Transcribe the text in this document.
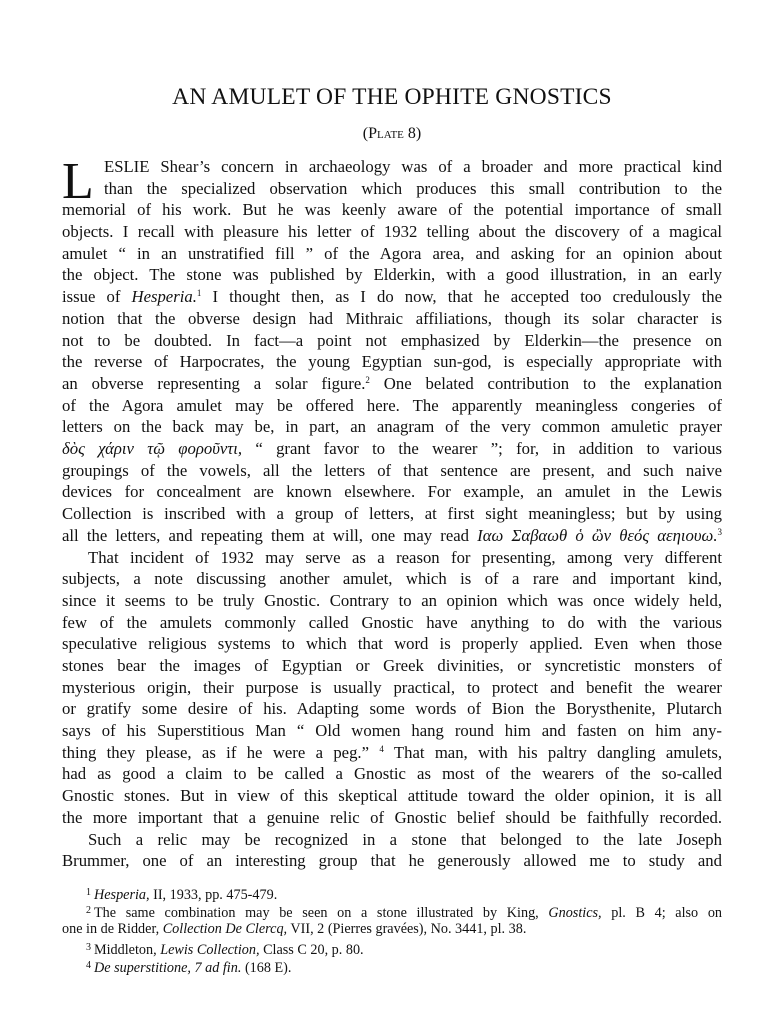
AN AMULET OF THE OPHITE GNOSTICS
(Plate 8)
L ESLIE Shear’s concern in archaeology was of a broader and more practical kind
than the specialized observation which produces this small contribution to the
memorial of his work. But he was keenly aware of the potential importance of small
objects. I recall with pleasure his letter of 1932 telling about the discovery of a magical
amulet “ in an unstratified fill ” of the Agora area, and asking for an opinion about
the object. The stone was published by Elderkin, with a good illustration, in an early
issue of Hesperia.$^1$ I thought then, as I do now, that he accepted too credulously the
notion that the obverse design had Mithraic affiliations, though its solar character is
not to be doubted. In fact—a point not emphasized by Elderkin—the presence on
the reverse of Harpocrates, the young Egyptian sun-god, is especially appropriate with
an obverse representing a solar figure.$^2$ One belated contribution to the explanation
of the Agora amulet may be offered here. The apparently meaningless congeries of
letters on the back may be, in part, an anagram of the very common amuletic prayer
δὸς χάριν τῷ φοροῦντι, “ grant favor to the wearer ”; for, in addition to various
groupings of the vowels, all the letters of that sentence are present, and such naive
devices for concealment are known elsewhere. For example, an amulet in the Lewis
Collection is inscribed with a group of letters, at first sight meaningless; but by using
all the letters, and repeating them at will, one may read Ιαω Σαβαωθ ὁ ὢν θεός αεηιουω.$^3$
That incident of 1932 may serve as a reason for presenting, among very different
subjects, a note discussing another amulet, which is of a rare and important kind,
since it seems to be truly Gnostic. Contrary to an opinion which was once widely held,
few of the amulets commonly called Gnostic have anything to do with the various
speculative religious systems to which that word is properly applied. Even when those
stones bear the images of Egyptian or Greek divinities, or syncretistic monsters of
mysterious origin, their purpose is usually practical, to protect and benefit the wearer
or gratify some desire of his. Adapting some words of Bion the Borysthenite, Plutarch
says of his Superstitious Man “ Old women hang round him and fasten on him any-
thing they please, as if he were a peg.” $^4$ That man, with his paltry dangling amulets,
had as good a claim to be called a Gnostic as most of the wearers of the so-called
Gnostic stones. But in view of this skeptical attitude toward the older opinion, it is all
the more important that a genuine relic of Gnostic belief should be faithfully recorded.
Such a relic may be recognized in a stone that belonged to the late Joseph
Brummer, one of an interesting group that he generously allowed me to study and
$^1$ Hesperia, II, 1933, pp. 475-479.
$^2$ The same combination may be seen on a stone illustrated by King, Gnostics, pl. B 4; also on
one in de Ridder, Collection De Clercq, VII, 2 (Pierres gravées), No. 3441, pl. 38.
$^3$ Middleton, Lewis Collection, Class C 20, p. 80.
$^4$ De superstitione, 7 ad fin. (168 E).
